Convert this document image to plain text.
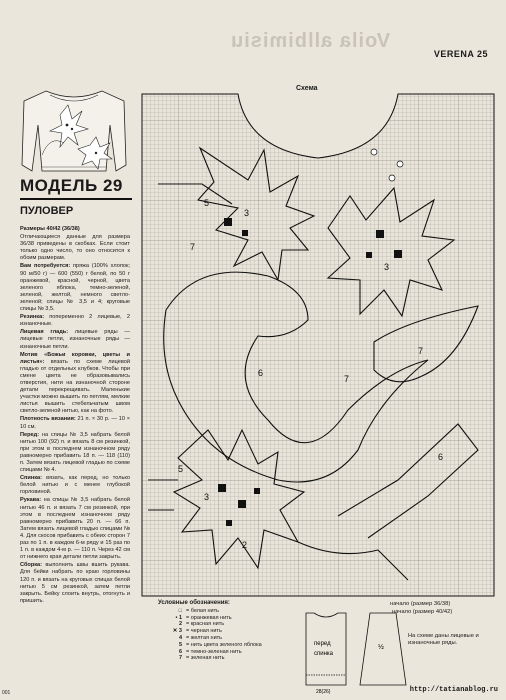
Voila allbimisiu
VERENA 25
МОДЕЛЬ 29
ПУЛОВЕР

Размеры 40/42 (36/38)

Отличающиеся данные для размера 36/38 приведены в скобках. Если стоит только одно число, то оно относится к обоим размерам.

Вам потребуется: пряжа (100% хлопок; 90 м/50 г) — 600 (550) г белой, по 50 г оранжевой, красной, черной, цвета зеленого яблока, темно-зеленой, зеленой, желтой, немного светло-зеленой; спицы № 3,5 и 4; круговые спицы № 3,5.

Резинка: попеременно 2 лицевые, 2 изнаночные.

Лицевая гладь: лицевые ряды — лицевые петли, изнаночные ряды — изнаночные петли.

Мотив «Божьи коровки, цветы и листья»: вязать по схеме лицевой гладью от отдельных клубков. Чтобы при смене цвета не образовывались отверстия, нити на изнаночной стороне детали перекрещивать. Маленькие участки можно вышить по петлям, мелкие листья вышить стебельчатым швом светло-зеленой нитью, как на фото.

Плотность вязания: 21 п. × 30 р. — 10 × 10 см.

Перед: на спицы № 3,5 набрать белой нитью 100 (92) п. и вязать 8 см резинкой, при этом в последнем изнаночном ряду равномерно прибавить 18 п. — 118 (110) п. Затем вязать лицевой гладью по схеме спицами № 4.

Спинка: вязать, как перед, но только белой нитью и с менее глубокой горловиной.

Рукава: на спицы № 3,5 набрать белой нитью 46 п. и вязать 7 см резинкой, при этом в последнем изнаночном ряду равномерно прибавить 20 п. — 66 п. Затем вязать лицевой гладью спицами № 4. Для скосов прибавить с обеих сторон 7 раз по 1 п. в каждом 6-м ряду и 15 раз по 1 п. в каждом 4-м р. — 110 п. Через 42 см от нижнего края детали петли закрыть.

Сборка: выполнить швы вшить рукава. Для бейки набрать по краю горловины 120 п. и вязать на круговых спицах белой нитью 5 см резинкой, затем петли закрыть. Бейку слоить внутрь, отогнуть и пришить.

Схема
3
5
7
6
7
3
7
5
3
2
6
Условные обозначения:
□ = белая нить
• 1 = оранжевая нить
2 = красная нить
✕ 3 = черная нить
4 = желтая нить
5 = нить цвета зеленого яблока
6 = темно-зеленая нить
7 = зеленая нить
перед
спинка
½
28(26)
начало (размер 36/38)
начало (размер 40/42)
На схеме даны лицевые и изнаночные ряды.
http://tatianablog.ru
001
